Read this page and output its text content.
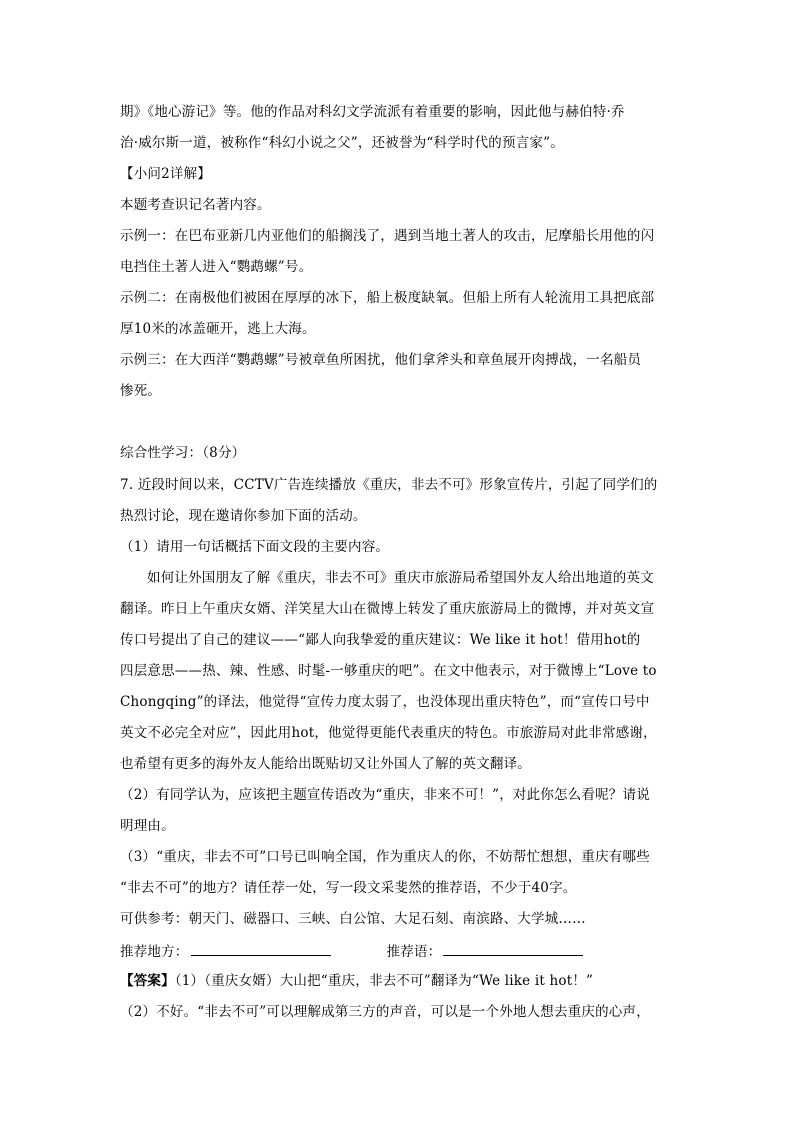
期》《地心游记》等。他的作品对科幻文学流派有着重要的影响，因此他与赫伯特·乔
治·威尔斯一道，被称作“科幻小说之父”，还被誉为“科学时代的预言家”。
【小问2详解】
本题考查识记名著内容。
示例一：在巴布亚新几内亚他们的船搁浅了，遇到当地土著人的攻击，尼摩船长用他的闪
电挡住土著人进入“鹦鹉螺”号。
示例二：在南极他们被困在厚厚的冰下，船上极度缺氧。但船上所有人轮流用工具把底部
厚10米的冰盖砸开，逃上大海。
示例三：在大西洋“鹦鹉螺”号被章鱼所困扰，他们拿斧头和章鱼展开肉搏战，一名船员
惨死。
综合性学习：（8分）
7. 近段时间以来，CCTV广告连续播放《重庆，非去不可》形象宣传片，引起了同学们的
热烈讨论，现在邀请你参加下面的活动。
（1）请用一句话概括下面文段的主要内容。
如何让外国朋友了解《重庆，非去不可》重庆市旅游局希望国外友人给出地道的英文
翻译。昨日上午重庆女婿、洋笑星大山在微博上转发了重庆旅游局上的微博，并对英文宣
传口号提出了自己的建议——“鄙人向我挚爱的重庆建议：We like it hot！借用hot的
四层意思——热、辣、性感、时髦-一够重庆的吧”。在文中他表示，对于微博上“Love to
Chongqing”的译法，他觉得“宣传力度太弱了，也没体现出重庆特色”，而“宣传口号中
英文不必完全对应”，因此用hot，他觉得更能代表重庆的特色。市旅游局对此非常感谢，
也希望有更多的海外友人能给出既贴切又让外国人了解的英文翻译。
（2）有同学认为，应该把主题宣传语改为“重庆，非来不可！”，对此你怎么看呢？请说
明理由。
（3）“重庆，非去不可”口号已叫响全国，作为重庆人的你，不妨帮忙想想，重庆有哪些
“非去不可”的地方？请任荐一处，写一段文采斐然的推荐语，不少于40字。
可供参考：朝天门、磁器口、三峡、白公馆、大足石刻、南滨路、大学城……
推荐地方：	推荐语：
【答案】（1）（重庆女婿）大山把“重庆，非去不可”翻译为“We like it hot！”
（2）不好。“非去不可”可以理解成第三方的声音，可以是一个外地人想去重庆的心声，
